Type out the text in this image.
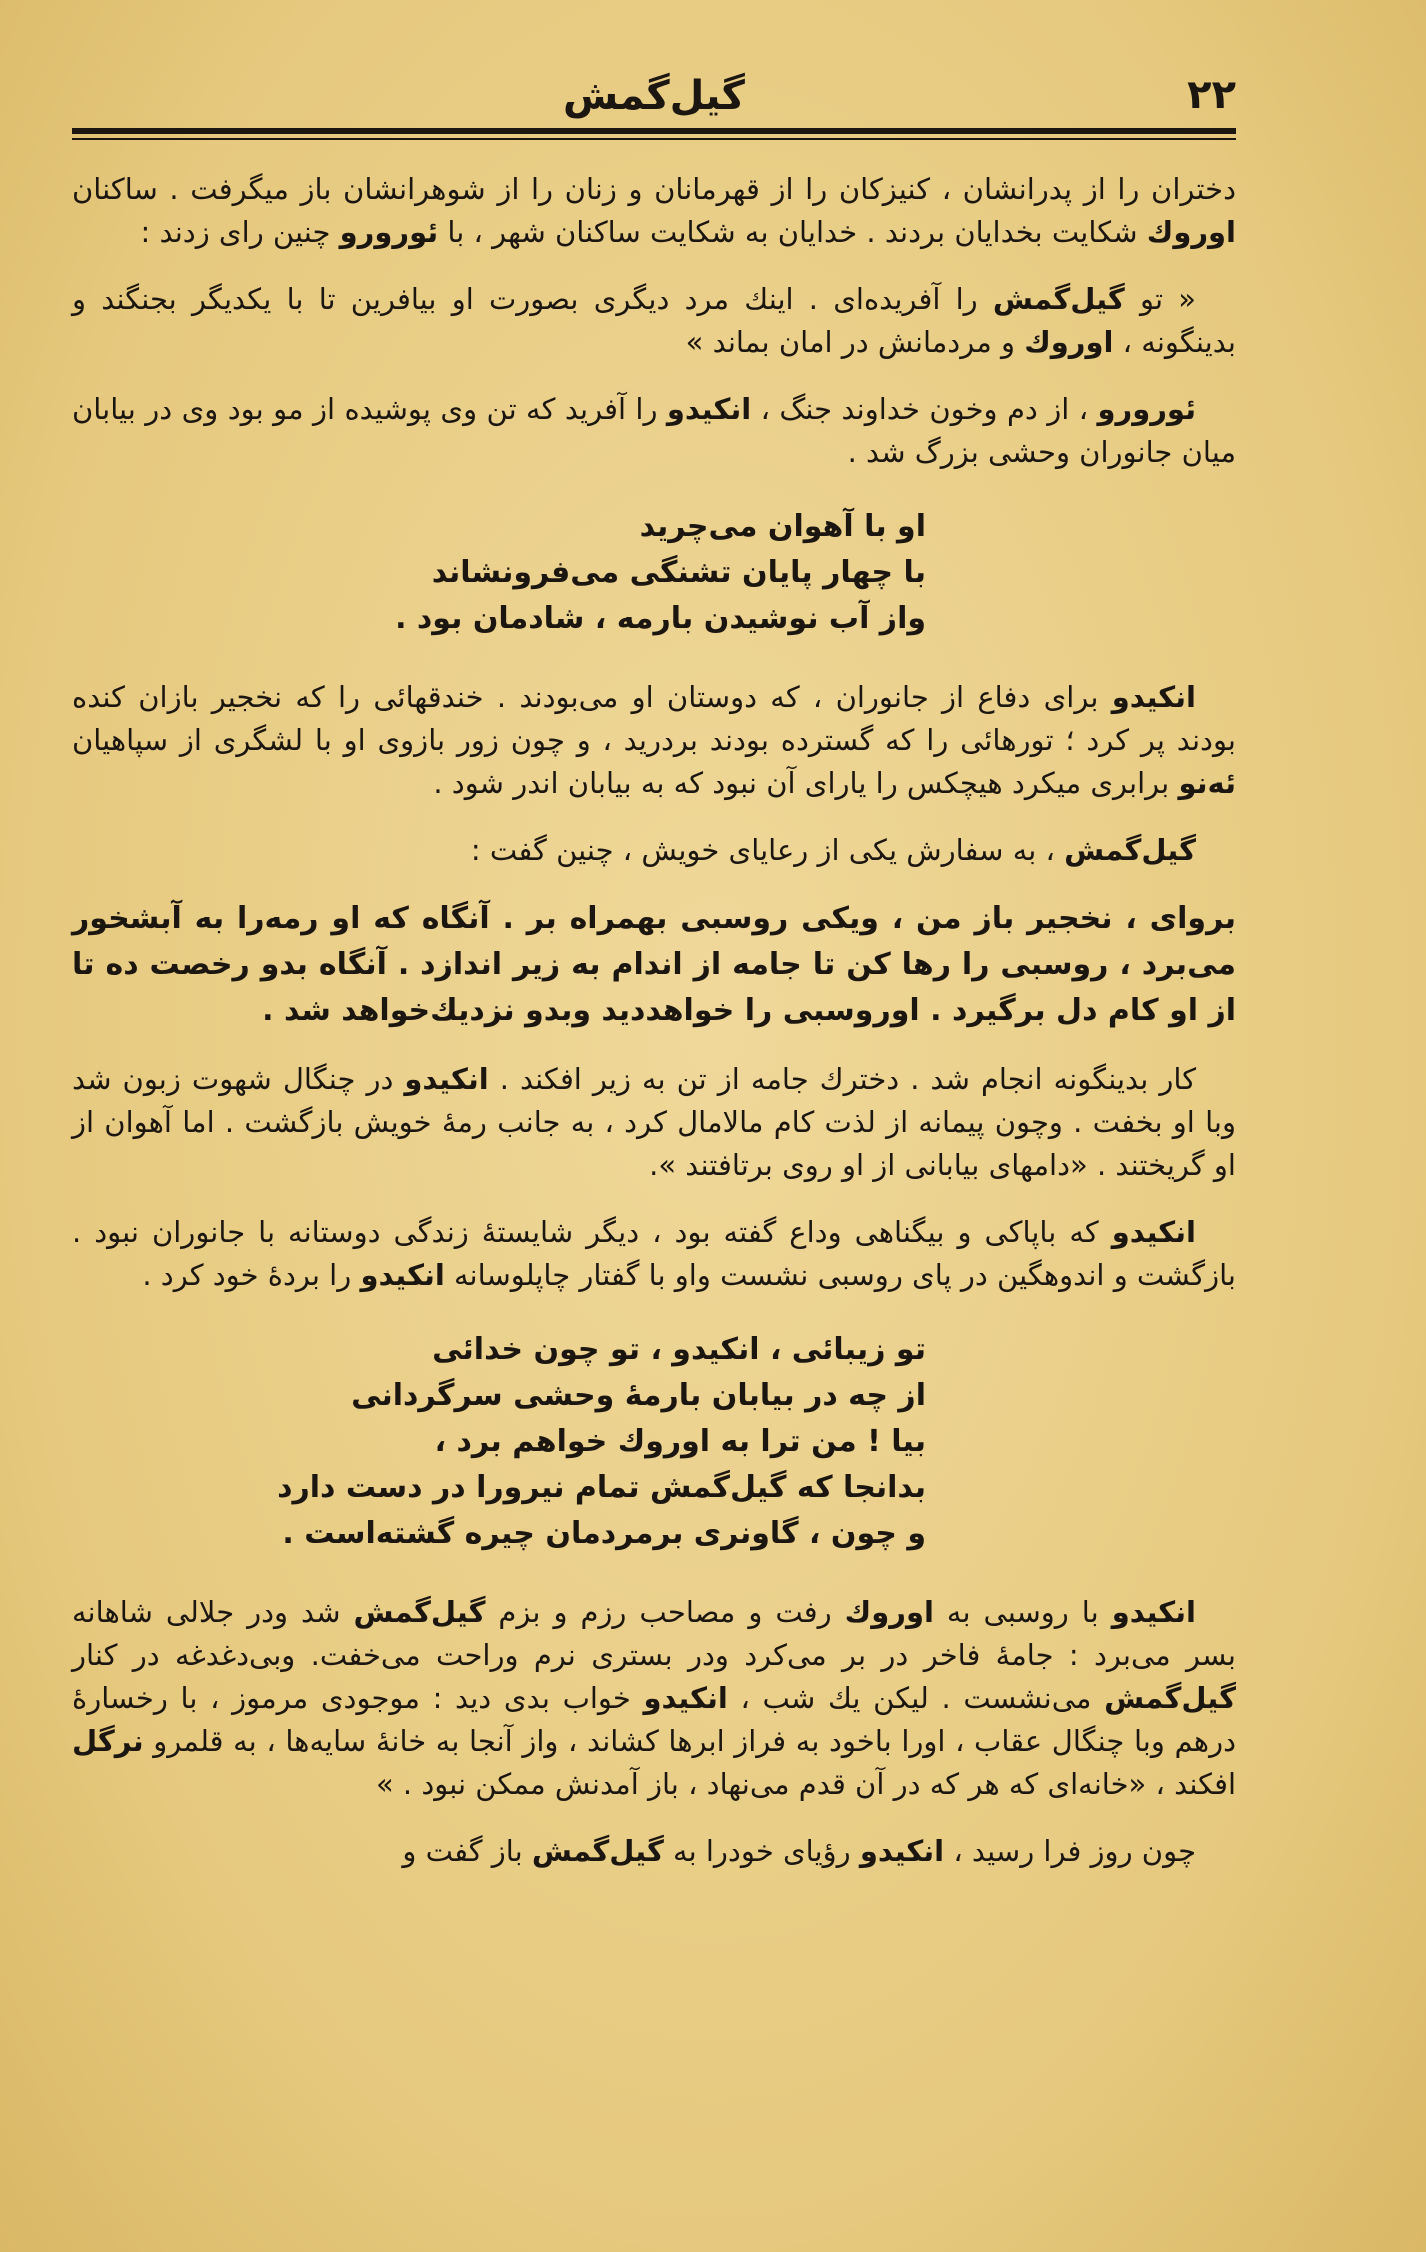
گیل‌گمش	۲۲

دختران را از پدرانشان ، کنیزکان را از قهرمانان و زنان را از شوهرانشان باز میگرفت . ساکنان اوروك شکایت بخدایان بردند . خدایان به شکایت ساکنان شهر ، با ئورورو چنین رای زدند :

« تو گیل‌گمش را آفریده‌ای . اینك مرد دیگری بصورت او بیافرین تا با یکدیگر بجنگند و بدینگونه ، اوروك و مردمانش در امان بماند »

ئورورو ، از دم وخون خداوند جنگ ، انکیدو را آفرید که تن وی پوشیده از مو بود وی در بیابان میان جانوران وحشی بزرگ شد .

او با آهوان می‌چرید
با چهار پایان تشنگی می‌فرونشاند
واز آب نوشیدن بارمه ، شادمان بود .

انکیدو برای دفاع از جانوران ، که دوستان او می‌بودند . خندقهائی را که نخجیر بازان کنده بودند پر کرد ؛ تورهائی را که گسترده بودند بردرید ، و چون زور بازوی او با لشگری از سپاهیان ئه‌نو برابری میکرد هیچکس را یارای آن نبود که به بیابان اندر شود .

گیل‌گمش ، به سفارش یکی از رعایای خویش ، چنین گفت :

بروای ، نخجیر باز من ، ویکی روسبی بهمراه بر . آنگاه که او رمه‌را به آبشخور می‌برد ، روسبی را رها کن تا جامه از اندام به زیر اندازد . آنگاه بدو رخصت ده تا از او کام دل برگیرد . اوروسبی را خواهددید وبدو نزدیك‌خواهد شد .

کار بدینگونه انجام شد . دخترك جامه از تن به زیر افکند . انکیدو در چنگال شهوت زبون شد وبا او بخفت . وچون پیمانه از لذت کام مالامال کرد ، به جانب رمهٔ خویش بازگشت . اما آهوان از او گریختند . «دامهای بیابانی از او روی برتافتند ».

انکیدو که باپاکی و بیگناهی وداع گفته بود ، دیگر شایستهٔ زندگی دوستانه با جانوران نبود . بازگشت و اندوهگین در پای روسبی نشست واو با گفتار چاپلوسانه انکیدو را بردهٔ خود کرد .

تو زیبائی ، انکیدو ، تو چون خدائی
از چه در بیابان بارمهٔ وحشی سرگردانی
بیا ! من ترا به اوروك خواهم برد ،
بدانجا که گیل‌گمش تمام نیرورا در دست دارد
و چون ، گاونری برمردمان چیره گشته‌است .

انکیدو با روسبی به اوروك رفت و مصاحب رزم و بزم گیل‌گمش شد ودر جلالی شاهانه بسر می‌برد : جامهٔ فاخر در بر می‌کرد ودر بستری نرم وراحت می‌خفت. وبی‌دغدغه در کنار گیل‌گمش می‌نشست . لیکن یك شب ، انکیدو خواب بدی دید : موجودی مرموز ، با رخسارهٔ درهم وبا چنگال عقاب ، اورا باخود به فراز ابرها کشاند ، واز آنجا به خانهٔ سایه‌ها ، به قلمرو نرگل افکند ، «خانه‌ای که هر که در آن قدم می‌نهاد ، باز آمدنش ممکن نبود . »

چون روز فرا رسید ، انکیدو رؤیای خودرا به گیل‌گمش باز گفت و
